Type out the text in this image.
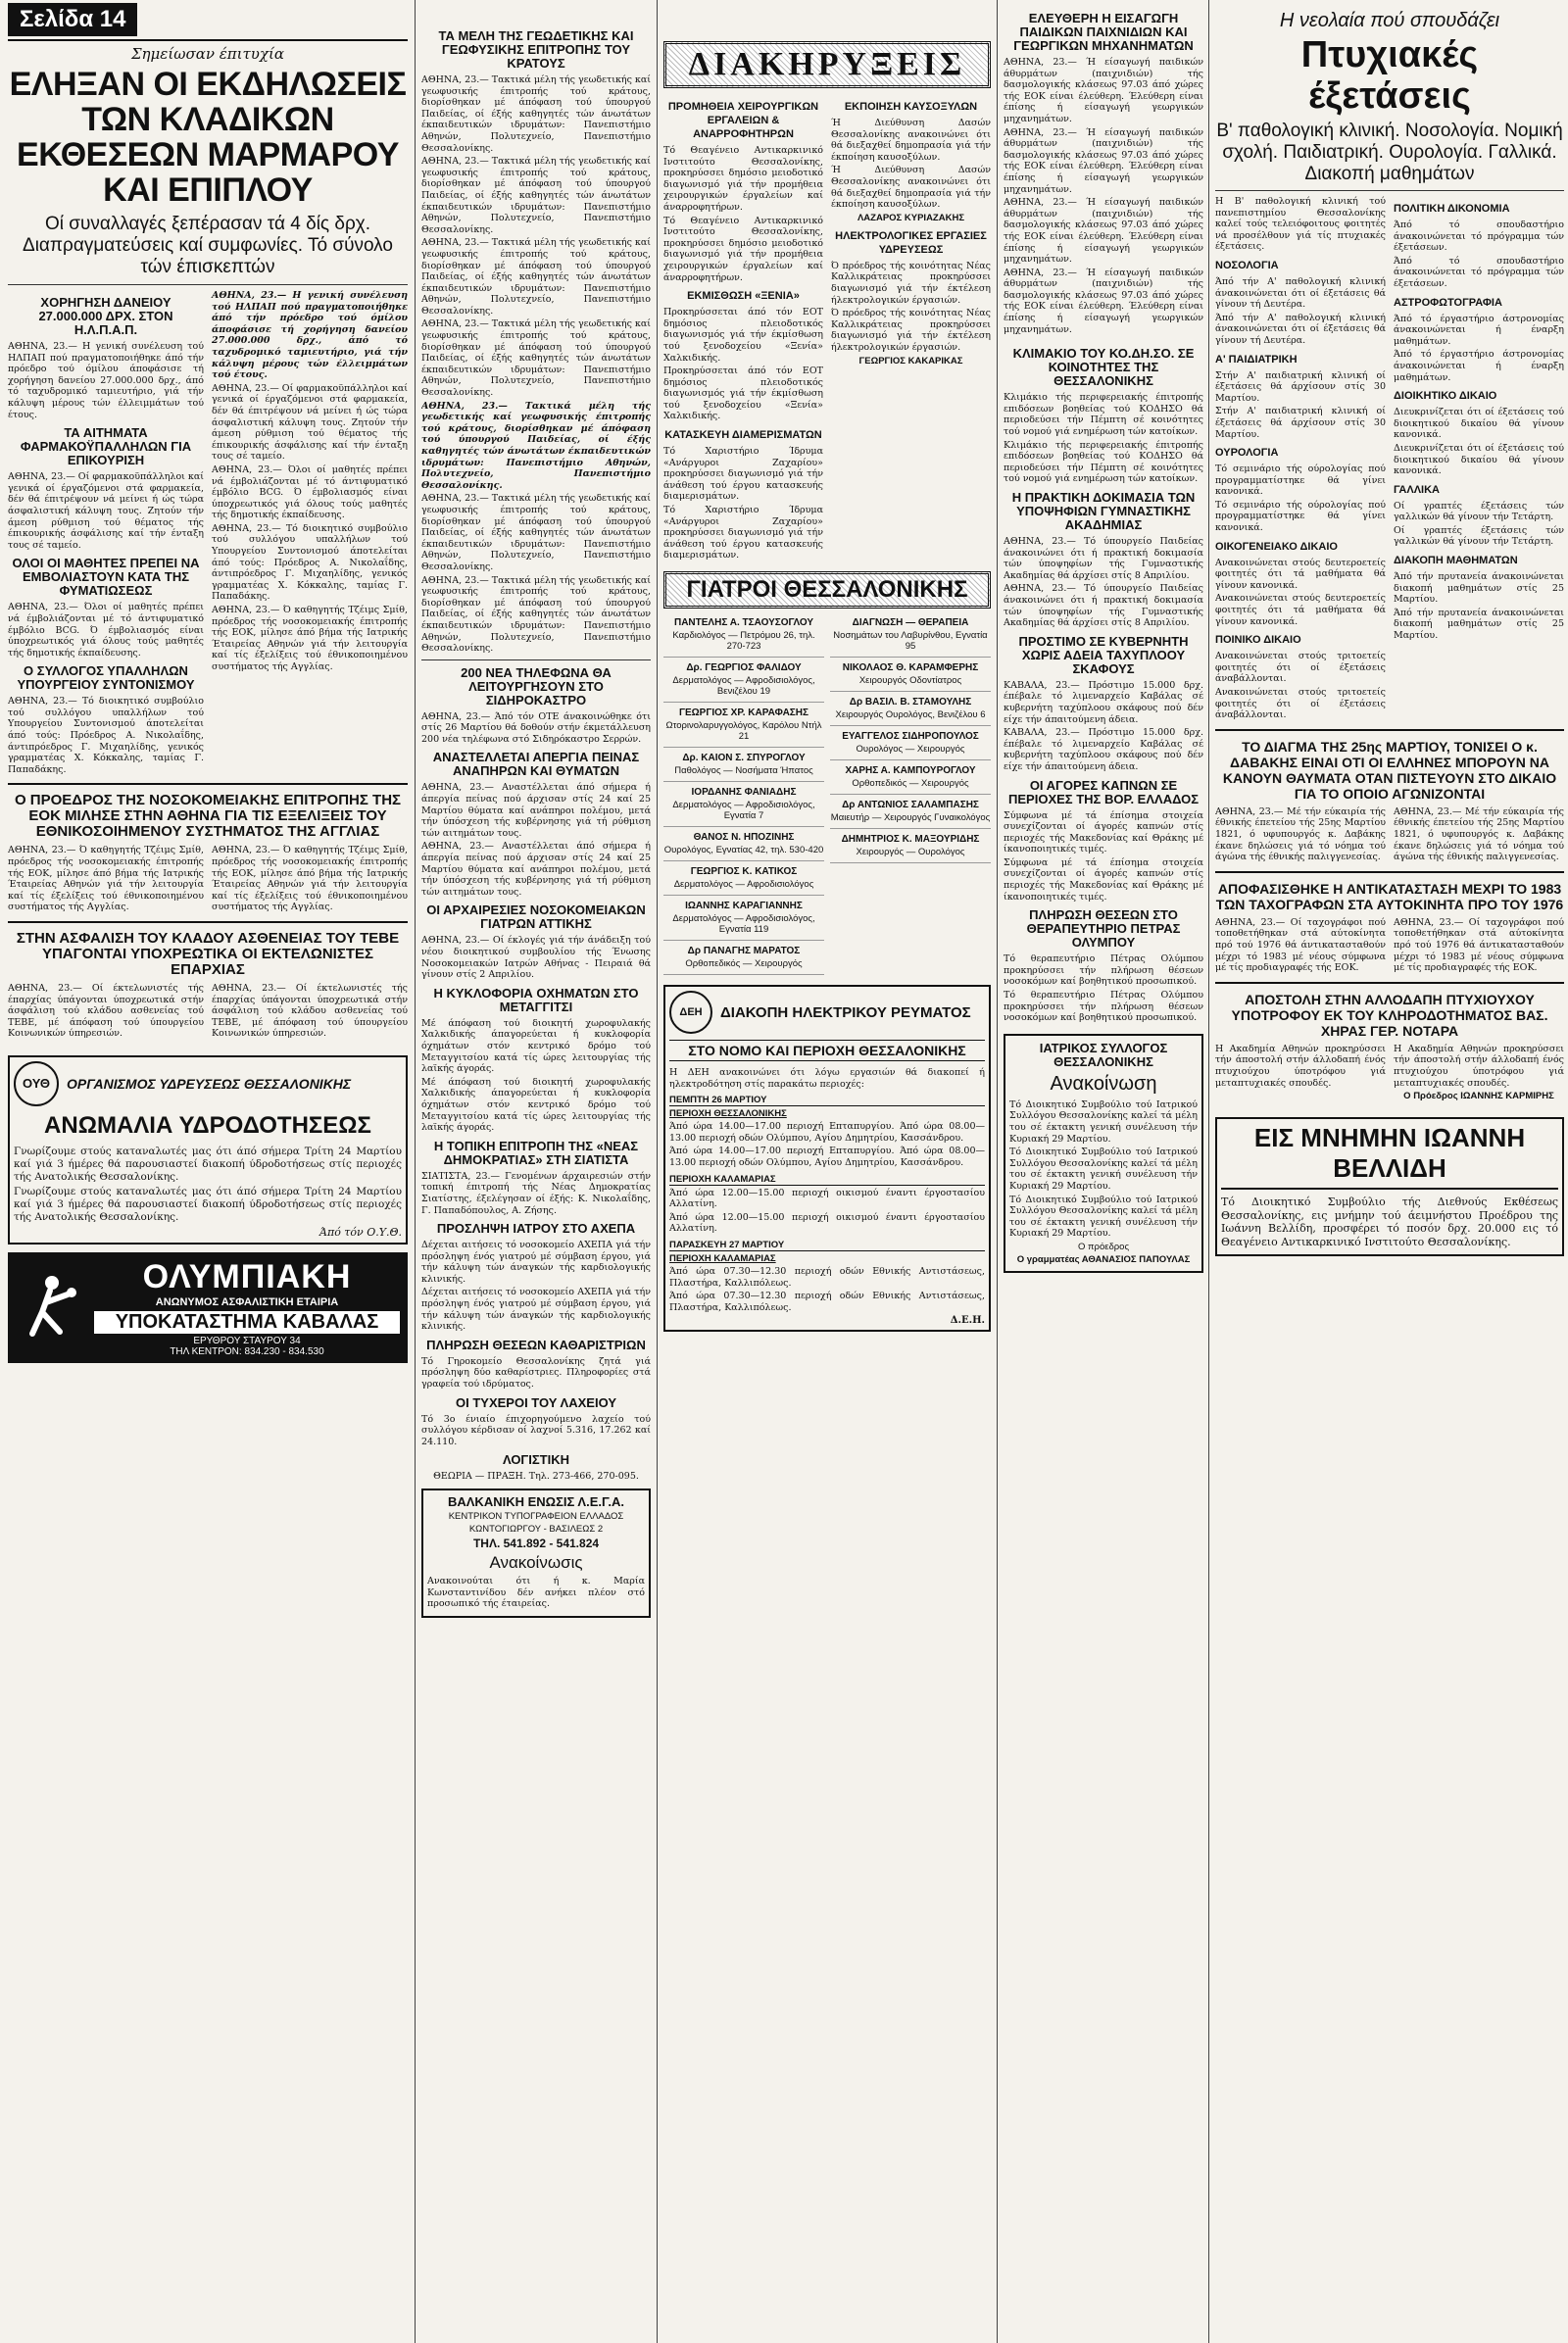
Σελίδα 14
Σημείωσαν έπιτυχία
ΕΛΗΞΑΝ ΟΙ ΕΚΔΗΛΩΣΕΙΣ ΤΩΝ ΚΛΑΔΙΚΩΝ ΕΚΘΕΣΕΩΝ ΜΑΡΜΑΡΟΥ ΚΑΙ ΕΠΙΠΛΟΥ
Οί συναλλαγές ξεπέρασαν τά 4 δίς δρχ. Διαπραγματεύσεις καί συμφωνίες. Τό σύνολο τών έπισκεπτών
ΧΟΡΗΓΗΣΗ ΔΑΝΕΙΟΥ 27.000.000 ΔΡΧ. ΣΤΟΝ Η.Λ.Π.Α.Π.

ΑΘΗΝΑ, 23.— Η γενική συνέλευση τού ΗΛΠΑΠ πού πραγματοποιήθηκε άπό τήν πρόεδρο τού όμίλου άποφάσισε τή χορήγηση δανείου 27.000.000 δρχ., άπό τό ταχυδρομικό ταμιευτήριο, γιά τήν κάλυψη μέρους τών έλλειμμάτων τού έτους.

ΤΑ ΑΙΤΗΜΑΤΑ ΦΑΡΜΑΚΟΫΠΑΛΛΗΛΩΝ ΓΙΑ ΕΠΙΚΟΥΡΙΣΗ

ΑΘΗΝΑ, 23.— Οί φαρμακοϋπάλληλοι καί γενικά οί έργαζόμενοι στά φαρμακεία, δέν θά έπιτρέψουν νά μείνει ή ώς τώρα άσφαλιστική κάλυψη τους. Ζητούν τήν άμεση ρύθμιση τού θέματος τής έπικουρικής άσφάλισης καί τήν ένταξη τους σέ ταμείο.

ΟΛΟΙ ΟΙ ΜΑΘΗΤΕΣ ΠΡΕΠΕΙ ΝΑ ΕΜΒΟΛΙΑΣΤΟΥΝ ΚΑΤΑ ΤΗΣ ΦΥΜΑΤΙΩΣΕΩΣ

ΑΘΗΝΑ, 23.— Όλοι οί μαθητές πρέπει νά έμβολιάζονται μέ τό άντιφυματικό έμβόλιο BCG. Ό έμβολιασμός είναι ύποχρεωτικός γιά όλους τούς μαθητές τής δημοτικής έκπαίδευσης.

Ο ΣΥΛΛΟΓΟΣ ΥΠΑΛΛΗΛΩΝ ΥΠΟΥΡΓΕΙΟΥ ΣΥΝΤΟΝΙΣΜΟΥ

ΑΘΗΝΑ, 23.— Τό διοικητικό συμβούλιο τού συλλόγου υπαλλήλων τού Υπουργείου Συντονισμού άποτελείται άπό τούς: Πρόεδρος Α. Νικολαΐδης, άντιπρόεδρος Γ. Μιχαηλίδης, γενικός γραμματέας Χ. Κόκκαλης, ταμίας Γ. Παπαδάκης.

ΑΘΗΝΑ, 23.— Η γενική συνέλευση τού ΗΛΠΑΠ πού πραγματοποιήθηκε άπό τήν πρόεδρο τού όμίλου άποφάσισε τή χορήγηση δανείου 27.000.000 δρχ., άπό τό ταχυδρομικό ταμιευτήριο, γιά τήν κάλυψη μέρους τών έλλειμμάτων τού έτους.

ΑΘΗΝΑ, 23.— Οί φαρμακοϋπάλληλοι καί γενικά οί έργαζόμενοι στά φαρμακεία, δέν θά έπιτρέψουν νά μείνει ή ώς τώρα άσφαλιστική κάλυψη τους. Ζητούν τήν άμεση ρύθμιση τού θέματος τής έπικουρικής άσφάλισης καί τήν ένταξη τους σέ ταμείο.

ΑΘΗΝΑ, 23.— Όλοι οί μαθητές πρέπει νά έμβολιάζονται μέ τό άντιφυματικό έμβόλιο BCG. Ό έμβολιασμός είναι ύποχρεωτικός γιά όλους τούς μαθητές τής δημοτικής έκπαίδευσης.

ΑΘΗΝΑ, 23.— Τό διοικητικό συμβούλιο τού συλλόγου υπαλλήλων τού Υπουργείου Συντονισμού άποτελείται άπό τούς: Πρόεδρος Α. Νικολαΐδης, άντιπρόεδρος Γ. Μιχαηλίδης, γενικός γραμματέας Χ. Κόκκαλης, ταμίας Γ. Παπαδάκης.

ΑΘΗΝΑ, 23.— Ό καθηγητής Τζέιμς Σμίθ, πρόεδρος τής νοσοκομειακής έπιτροπής τής ΕΟΚ, μίλησε άπό βήμα τής Ιατρικής Έταιρείας Αθηνών γιά τήν λειτουργία καί τίς έξελίξεις τού έθνικοποιημένου συστήματος τής Αγγλίας.

Ο ΠΡΟΕΔΡΟΣ ΤΗΣ ΝΟΣΟΚΟΜΕΙΑΚΗΣ ΕΠΙΤΡΟΠΗΣ ΤΗΣ ΕΟΚ ΜΙΛΗΣΕ ΣΤΗΝ ΑΘΗΝΑ ΓΙΑ ΤΙΣ ΕΞΕΛΙΞΕΙΣ ΤΟΥ ΕΘΝΙΚΟΣΟΙΗΜΕΝΟΥ ΣΥΣΤΗΜΑΤΟΣ ΤΗΣ ΑΓΓΛΙΑΣ

ΑΘΗΝΑ, 23.— Ό καθηγητής Τζέιμς Σμίθ, πρόεδρος τής νοσοκομειακής έπιτροπής τής ΕΟΚ, μίλησε άπό βήμα τής Ιατρικής Έταιρείας Αθηνών γιά τήν λειτουργία καί τίς έξελίξεις τού έθνικοποιημένου συστήματος τής Αγγλίας.

ΑΘΗΝΑ, 23.— Ό καθηγητής Τζέιμς Σμίθ, πρόεδρος τής νοσοκομειακής έπιτροπής τής ΕΟΚ, μίλησε άπό βήμα τής Ιατρικής Έταιρείας Αθηνών γιά τήν λειτουργία καί τίς έξελίξεις τού έθνικοποιημένου συστήματος τής Αγγλίας.

ΣΤΗΝ ΑΣΦΑΛΙΣΗ ΤΟΥ ΚΛΑΔΟΥ ΑΣΘΕΝΕΙΑΣ ΤΟΥ ΤΕΒΕ ΥΠΑΓΟΝΤΑΙ ΥΠΟΧΡΕΩΤΙΚΑ ΟΙ ΕΚΤΕΛΩΝΙΣΤΕΣ ΕΠΑΡΧΙΑΣ

ΑΘΗΝΑ, 23.— Οί έκτελωνιστές τής έπαρχίας ύπάγονται ύποχρεωτικά στήν άσφάλιση τού κλάδου ασθενείας τού ΤΕΒΕ, μέ άπόφαση τού ύπουργείου Κοινωνικών ύπηρεσιών.

ΑΘΗΝΑ, 23.— Οί έκτελωνιστές τής έπαρχίας ύπάγονται ύποχρεωτικά στήν άσφάλιση τού κλάδου ασθενείας τού ΤΕΒΕ, μέ άπόφαση τού ύπουργείου Κοινωνικών ύπηρεσιών.

ΟΥΘ	ΟΡΓΑΝΙΣΜΟΣ ΥΔΡΕΥΣΕΩΣ ΘΕΣΣΑΛΟΝΙΚΗΣ
ΑΝΩΜΑΛΙΑ ΥΔΡΟΔΟΤΗΣΕΩΣ

Γνωρίζουμε στούς καταναλωτές μας ότι άπό σήμερα Τρίτη 24 Μαρτίου καί γιά 3 ήμέρες θά παρουσιαστεί διακοπή ύδροδοτήσεως στίς περιοχές τής Ανατολικής Θεσσαλονίκης.

Γνωρίζουμε στούς καταναλωτές μας ότι άπό σήμερα Τρίτη 24 Μαρτίου καί γιά 3 ήμέρες θά παρουσιαστεί διακοπή ύδροδοτήσεως στίς περιοχές τής Ανατολικής Θεσσαλονίκης.

Άπό τόν Ο.Υ.Θ.
ΟΛΥΜΠΙΑΚΗ
ΑΝΩΝΥΜΟΣ ΑΣΦΑΛΙΣΤΙΚΗ ΕΤΑΙΡΙΑ
ΥΠΟΚΑΤΑΣΤΗΜΑ ΚΑΒΑΛΑΣ
ΕΡΥΘΡΟΥ ΣΤΑΥΡΟΥ 34
ΤΗΛ ΚΕΝΤΡΟΝ: 834.230 - 834.530
ΤΑ ΜΕΛΗ ΤΗΣ ΓΕΩΔΕΤΙΚΗΣ ΚΑΙ ΓΕΩΦΥΣΙΚΗΣ ΕΠΙΤΡΟΠΗΣ ΤΟΥ ΚΡΑΤΟΥΣ

ΑΘΗΝΑ, 23.— Τακτικά μέλη τής γεωδετικής καί γεωφυσικής έπιτροπής τού κράτους, διορίσθηκαν μέ άπόφαση τού ύπουργού Παιδείας, οί έξής καθηγητές τών άνωτάτων έκπαιδευτικών ιδρυμάτων: Πανεπιστήμιο Αθηνών, Πολυτεχνείο, Πανεπιστήμιο Θεσσαλονίκης.

ΑΘΗΝΑ, 23.— Τακτικά μέλη τής γεωδετικής καί γεωφυσικής έπιτροπής τού κράτους, διορίσθηκαν μέ άπόφαση τού ύπουργού Παιδείας, οί έξής καθηγητές τών άνωτάτων έκπαιδευτικών ιδρυμάτων: Πανεπιστήμιο Αθηνών, Πολυτεχνείο, Πανεπιστήμιο Θεσσαλονίκης.

ΑΘΗΝΑ, 23.— Τακτικά μέλη τής γεωδετικής καί γεωφυσικής έπιτροπής τού κράτους, διορίσθηκαν μέ άπόφαση τού ύπουργού Παιδείας, οί έξής καθηγητές τών άνωτάτων έκπαιδευτικών ιδρυμάτων: Πανεπιστήμιο Αθηνών, Πολυτεχνείο, Πανεπιστήμιο Θεσσαλονίκης.

ΑΘΗΝΑ, 23.— Τακτικά μέλη τής γεωδετικής καί γεωφυσικής έπιτροπής τού κράτους, διορίσθηκαν μέ άπόφαση τού ύπουργού Παιδείας, οί έξής καθηγητές τών άνωτάτων έκπαιδευτικών ιδρυμάτων: Πανεπιστήμιο Αθηνών, Πολυτεχνείο, Πανεπιστήμιο Θεσσαλονίκης.

ΑΘΗΝΑ, 23.— Τακτικά μέλη τής γεωδετικής καί γεωφυσικής έπιτροπής τού κράτους, διορίσθηκαν μέ άπόφαση τού ύπουργού Παιδείας, οί έξής καθηγητές τών άνωτάτων έκπαιδευτικών ιδρυμάτων: Πανεπιστήμιο Αθηνών, Πολυτεχνείο, Πανεπιστήμιο Θεσσαλονίκης.

ΑΘΗΝΑ, 23.— Τακτικά μέλη τής γεωδετικής καί γεωφυσικής έπιτροπής τού κράτους, διορίσθηκαν μέ άπόφαση τού ύπουργού Παιδείας, οί έξής καθηγητές τών άνωτάτων έκπαιδευτικών ιδρυμάτων: Πανεπιστήμιο Αθηνών, Πολυτεχνείο, Πανεπιστήμιο Θεσσαλονίκης.

ΑΘΗΝΑ, 23.— Τακτικά μέλη τής γεωδετικής καί γεωφυσικής έπιτροπής τού κράτους, διορίσθηκαν μέ άπόφαση τού ύπουργού Παιδείας, οί έξής καθηγητές τών άνωτάτων έκπαιδευτικών ιδρυμάτων: Πανεπιστήμιο Αθηνών, Πολυτεχνείο, Πανεπιστήμιο Θεσσαλονίκης.

200 ΝΕΑ ΤΗΛΕΦΩΝΑ ΘΑ ΛΕΙΤΟΥΡΓΗΣΟΥΝ ΣΤΟ ΣΙΔΗΡΟΚΑΣΤΡΟ

ΑΘΗΝΑ, 23.— Άπό τόν ΟΤΕ άνακοινώθηκε ότι στίς 26 Μαρτίου θά δοθούν στήν έκμετάλλευση 200 νέα τηλέφωνα στό Σιδηρόκαστρο Σερρών.

ΑΝΑΣΤΕΛΛΕΤΑΙ ΑΠΕΡΓΙΑ ΠΕΙΝΑΣ ΑΝΑΠΗΡΩΝ ΚΑΙ ΘΥΜΑΤΩΝ

ΑΘΗΝΑ, 23.— Αναστέλλεται άπό σήμερα ή άπεργία πείνας πού άρχισαν στίς 24 καί 25 Μαρτίου θύματα καί ανάπηροι πολέμου, μετά τήν ύπόσχεση τής κυβέρνησης γιά τή ρύθμιση τών αιτημάτων τους.

ΑΘΗΝΑ, 23.— Αναστέλλεται άπό σήμερα ή άπεργία πείνας πού άρχισαν στίς 24 καί 25 Μαρτίου θύματα καί ανάπηροι πολέμου, μετά τήν ύπόσχεση τής κυβέρνησης γιά τή ρύθμιση τών αιτημάτων τους.

ΟΙ ΑΡΧΑΙΡΕΣΙΕΣ ΝΟΣΟΚΟΜΕΙΑΚΩΝ ΓΙΑΤΡΩΝ ΑΤΤΙΚΗΣ

ΑΘΗΝΑ, 23.— Οί έκλογές γιά τήν άνάδειξη τού νέου διοικητικού συμβουλίου τής Ένωσης Νοσοκομειακών Ιατρών Αθήνας - Πειραιά θά γίνουν στίς 2 Απριλίου.

Η ΚΥΚΛΟΦΟΡΙΑ ΟΧΗΜΑΤΩΝ ΣΤΟ ΜΕΤΑΓΓΙΤΣΙ

Μέ άπόφαση τού διοικητή χωροφυλακής Χαλκιδικής άπαγορεύεται ή κυκλοφορία όχημάτων στόν κεντρικό δρόμο τού Μεταγγιτσίου κατά τίς ώρες λειτουργίας τής λαϊκής άγοράς.

Μέ άπόφαση τού διοικητή χωροφυλακής Χαλκιδικής άπαγορεύεται ή κυκλοφορία όχημάτων στόν κεντρικό δρόμο τού Μεταγγιτσίου κατά τίς ώρες λειτουργίας τής λαϊκής άγοράς.

Η ΤΟΠΙΚΗ ΕΠΙΤΡΟΠΗ ΤΗΣ «ΝΕΑΣ ΔΗΜΟΚΡΑΤΙΑΣ» ΣΤΗ ΣΙΑΤΙΣΤΑ

ΣΙΑΤΙΣΤΑ, 23.— Γενομένων άρχαιρεσιών στήν τοπική έπιτροπή τής Νέας Δημοκρατίας Σιατίστης, έξελέγησαν οί έξής: Κ. Νικολαΐδης, Γ. Παπαδόπουλος, Α. Ζήσης.

ΠΡΟΣΛΗΨΗ ΙΑΤΡΟΥ ΣΤΟ ΑΧΕΠΑ

Δέχεται αιτήσεις τό νοσοκομείο ΑΧΕΠΑ γιά τήν πρόσληψη ένός γιατρού μέ σύμβαση έργου, γιά τήν κάλυψη τών άναγκών τής καρδιολογικής κλινικής.

Δέχεται αιτήσεις τό νοσοκομείο ΑΧΕΠΑ γιά τήν πρόσληψη ένός γιατρού μέ σύμβαση έργου, γιά τήν κάλυψη τών άναγκών τής καρδιολογικής κλινικής.

ΠΛΗΡΩΣΗ ΘΕΣΕΩΝ ΚΑΘΑΡΙΣΤΡΙΩΝ

Τό Γηροκομείο Θεσσαλονίκης ζητά γιά πρόσληψη δύο καθαρίστριες. Πληροφορίες στά γραφεία τού ιδρύματος.

ΟΙ ΤΥΧΕΡΟΙ ΤΟΥ ΛΑΧΕΙΟΥ

Τό 3ο ένιαίο έπιχορηγούμενο λαχείο τού συλλόγου κέρδισαν οί λαχνοί 5.316, 17.262 καί 24.110.

ΛΟΓΙΣΤΙΚΗ

ΘΕΩΡΙΑ — ΠΡΑΞΗ. Τηλ. 273-466, 270-095.

ΒΑΛΚΑΝΙΚΗ ΕΝΩΣΙΣ Λ.Ε.Γ.Α.
ΚΕΝΤΡΙΚΟΝ ΤΥΠΟΓΡΑΦΕΙΟΝ ΕΛΛΑΔΟΣ
ΚΩΝΤΟΓΙΩΡΓΟΥ - ΒΑΣΙΛΕΩΣ 2
ΤΗΛ. 541.892 - 541.824
Ανακοίνωσις

Ανακοινούται ότι ή κ. Μαρία Κωνσταντινίδου δέν ανήκει πλέον στό προσωπικό τής έταιρείας.

ΔΙΑΚΗΡΥΞΕΙΣ
ΠΡΟΜΗΘΕΙΑ ΧΕΙΡΟΥΡΓΙΚΩΝ ΕΡΓΑΛΕΙΩΝ & ΑΝΑΡΡΟΦΗΤΗΡΩΝ

Τό Θεαγένειο Αντικαρκινικό Ινστιτούτο Θεσσαλονίκης, προκηρύσσει δημόσιο μειοδοτικό διαγωνισμό γιά τήν προμήθεια χειρουργικών έργαλείων καί άναρροφητήρων.

Τό Θεαγένειο Αντικαρκινικό Ινστιτούτο Θεσσαλονίκης, προκηρύσσει δημόσιο μειοδοτικό διαγωνισμό γιά τήν προμήθεια χειρουργικών έργαλείων καί άναρροφητήρων.

ΕΚΜΙΣΘΩΣΗ «ΞΕΝΙΑ»

Προκηρύσσεται άπό τόν ΕΟΤ δημόσιος πλειοδοτικός διαγωνισμός γιά τήν έκμίσθωση τού ξενοδοχείου «Ξενία» Χαλκιδικής.

Προκηρύσσεται άπό τόν ΕΟΤ δημόσιος πλειοδοτικός διαγωνισμός γιά τήν έκμίσθωση τού ξενοδοχείου «Ξενία» Χαλκιδικής.

ΚΑΤΑΣΚΕΥΗ ΔΙΑΜΕΡΙΣΜΑΤΩΝ

Τό Χαριστήριο Ίδρυμα «Ανάργυροι Ζαχαρίου» προκηρύσσει διαγωνισμό γιά τήν άνάθεση τού έργου κατασκευής διαμερισμάτων.

Τό Χαριστήριο Ίδρυμα «Ανάργυροι Ζαχαρίου» προκηρύσσει διαγωνισμό γιά τήν άνάθεση τού έργου κατασκευής διαμερισμάτων.

ΕΚΠΟΙΗΣΗ ΚΑΥΣΟΞΥΛΩΝ

Ή Διεύθυνση Δασών Θεσσαλονίκης ανακοινώνει ότι θά διεξαχθεί δημοπρασία γιά τήν έκποίηση καυσοξύλων.

Ή Διεύθυνση Δασών Θεσσαλονίκης ανακοινώνει ότι θά διεξαχθεί δημοπρασία γιά τήν έκποίηση καυσοξύλων.

ΛΑΖΑΡΟΣ ΚΥΡΙΑΖΑΚΗΣ
ΗΛΕΚΤΡΟΛΟΓΙΚΕΣ ΕΡΓΑΣΙΕΣ ΥΔΡΕΥΣΕΩΣ

Ό πρόεδρος τής κοινότητας Νέας Καλλικράτειας προκηρύσσει διαγωνισμό γιά τήν έκτέλεση ήλεκτρολογικών έργασιών.

Ό πρόεδρος τής κοινότητας Νέας Καλλικράτειας προκηρύσσει διαγωνισμό γιά τήν έκτέλεση ήλεκτρολογικών έργασιών.

ΓΕΩΡΓΙΟΣ ΚΑΚΑΡΙΚΑΣ
ΓΙΑΤΡΟΙ ΘΕΣΣΑΛΟΝΙΚΗΣ
ΠΑΝΤΕΛΗΣ Α. ΤΣΑΟΥΣΟΓΛΟΥ
Καρδιολόγος — Πετρόμου 26, τηλ. 270-723
Δρ. ΓΕΩΡΓΙΟΣ ΦΑΛΙΔΟΥ
Δερματολόγος — Αφροδισιολόγος, Βενιζέλου 19
ΓΕΩΡΓΙΟΣ ΧΡ. ΚΑΡΑΦΑΣΗΣ
Ωτορινολαρυγγολόγος, Καρόλου Ντήλ 21
Δρ. ΚΑΙΟΝ Σ. ΣΠΥΡΟΓΛΟΥ
Παθολόγος — Νοσήματα Ήπατος
ΙΟΡΔΑΝΗΣ ΦΑΝΙΑΔΗΣ
Δερματολόγος — Αφροδισιολόγος, Εγνατία 7
ΘΑΝΟΣ Ν. ΗΠΟΖΙΝΗΣ
Ουρολόγος, Εγνατίας 42, τηλ. 530-420
ΓΕΩΡΓΙΟΣ Κ. ΚΑΤΙΚΟΣ
Δερματολόγος — Αφροδισιολόγος
ΙΩΑΝΝΗΣ ΚΑΡΑΓΙΑΝΝΗΣ
Δερματολόγος — Αφροδισιολόγος, Εγνατία 119
Δρ ΠΑΝΑΓΗΣ ΜΑΡΑΤΟΣ
Ορθοπεδικός — Χειρουργός
ΔΙΑΓΝΩΣΗ — ΘΕΡΑΠΕΙΑ
Νοσημάτων του Λαβυρίνθου, Εγνατία 95
ΝΙΚΟΛΑΟΣ Θ. ΚΑΡΑΜΦΕΡΗΣ
Χειρουργός Οδοντίατρος
Δρ ΒΑΣΙΛ. Β. ΣΤΑΜΟΥΛΗΣ
Χειρουργός Ουρολόγος, Βενιζέλου 6
ΕΥΑΓΓΕΛΟΣ ΣΙΔΗΡΟΠΟΥΛΟΣ
Ουρολόγος — Χειρουργός
ΧΑΡΗΣ Α. ΚΑΜΠΟΥΡΟΓΛΟΥ
Ορθοπεδικός — Χειρουργός
Δρ ΑΝΤΩΝΙΟΣ ΣΑΛΑΜΠΑΣΗΣ
Μαιευτήρ — Χειρουργός Γυναικολόγος
ΔΗΜΗΤΡΙΟΣ Κ. ΜΑΞΟΥΡΙΔΗΣ
Χειρουργός — Ουρολόγος
ΔΕΗ	ΔΙΑΚΟΠΗ ΗΛΕΚΤΡΙΚΟΥ ΡΕΥΜΑΤΟΣ
ΣΤΟ ΝΟΜΟ ΚΑΙ ΠΕΡΙΟΧΗ ΘΕΣΣΑΛΟΝΙΚΗΣ

Η ΔΕΗ ανακοινώνει ότι λόγω εργασιών θά διακοπεί ή ηλεκτροδότηση στίς παρακάτω περιοχές:

ΠΕΜΠΤΗ 26 ΜΑΡΤΙΟΥ
ΠΕΡΙΟΧΗ ΘΕΣΣΑΛΟΝΙΚΗΣ

Άπό ώρα 14.00—17.00 περιοχή Επταπυργίου. Άπό ώρα 08.00—13.00 περιοχή οδών Ολύμπου, Αγίου Δημητρίου, Κασσάνδρου.

Άπό ώρα 14.00—17.00 περιοχή Επταπυργίου. Άπό ώρα 08.00—13.00 περιοχή οδών Ολύμπου, Αγίου Δημητρίου, Κασσάνδρου.

ΠΕΡΙΟΧΗ ΚΑΛΑΜΑΡΙΑΣ

Άπό ώρα 12.00—15.00 περιοχή οικισμού έναντι έργοστασίου Αλλατίνη.

Άπό ώρα 12.00—15.00 περιοχή οικισμού έναντι έργοστασίου Αλλατίνη.

ΠΑΡΑΣΚΕΥΗ 27 ΜΑΡΤΙΟΥ
ΠΕΡΙΟΧΗ ΚΑΛΑΜΑΡΙΑΣ

Άπό ώρα 07.30—12.30 περιοχή οδών Εθνικής Αντιστάσεως, Πλαστήρα, Καλλιπόλεως.

Άπό ώρα 07.30—12.30 περιοχή οδών Εθνικής Αντιστάσεως, Πλαστήρα, Καλλιπόλεως.

Δ.Ε.Η.
ΕΛΕΥΘΕΡΗ Η ΕΙΣΑΓΩΓΗ ΠΑΙΔΙΚΩΝ ΠΑΙΧΝΙΔΙΩΝ ΚΑΙ ΓΕΩΡΓΙΚΩΝ ΜΗΧΑΝΗΜΑΤΩΝ

ΑΘΗΝΑ, 23.— Ή είσαγωγή παιδικών άθυρμάτων (παιχνιδιών) τής δασμολογικής κλάσεως 97.03 άπό χώρες τής ΕΟΚ είναι έλεύθερη. Έλεύθερη είναι έπίσης ή είσαγωγή γεωργικών μηχανημάτων.

ΑΘΗΝΑ, 23.— Ή είσαγωγή παιδικών άθυρμάτων (παιχνιδιών) τής δασμολογικής κλάσεως 97.03 άπό χώρες τής ΕΟΚ είναι έλεύθερη. Έλεύθερη είναι έπίσης ή είσαγωγή γεωργικών μηχανημάτων.

ΑΘΗΝΑ, 23.— Ή είσαγωγή παιδικών άθυρμάτων (παιχνιδιών) τής δασμολογικής κλάσεως 97.03 άπό χώρες τής ΕΟΚ είναι έλεύθερη. Έλεύθερη είναι έπίσης ή είσαγωγή γεωργικών μηχανημάτων.

ΑΘΗΝΑ, 23.— Ή είσαγωγή παιδικών άθυρμάτων (παιχνιδιών) τής δασμολογικής κλάσεως 97.03 άπό χώρες τής ΕΟΚ είναι έλεύθερη. Έλεύθερη είναι έπίσης ή είσαγωγή γεωργικών μηχανημάτων.

ΚΛΙΜΑΚΙΟ ΤΟΥ ΚΟ.ΔΗ.ΣΟ. ΣΕ ΚΟΙΝΟΤΗΤΕΣ ΤΗΣ ΘΕΣΣΑΛΟΝΙΚΗΣ

Κλιμάκιο τής περιφερειακής έπιτροπής επιδόσεων βοηθείας τού ΚΟΔΗΣΟ θά περιοδεύσει τήν Πέμπτη σέ κοινότητες τού νομού γιά ενημέρωση τών κατοίκων.

Κλιμάκιο τής περιφερειακής έπιτροπής επιδόσεων βοηθείας τού ΚΟΔΗΣΟ θά περιοδεύσει τήν Πέμπτη σέ κοινότητες τού νομού γιά ενημέρωση τών κατοίκων.

Η ΠΡΑΚΤΙΚΗ ΔΟΚΙΜΑΣΙΑ ΤΩΝ ΥΠΟΨΗΦΙΩΝ ΓΥΜΝΑΣΤΙΚΗΣ ΑΚΑΔΗΜΙΑΣ

ΑΘΗΝΑ, 23.— Τό ύπουργείο Παιδείας άνακοινώνει ότι ή πρακτική δοκιμασία τών ύποψηφίων τής Γυμναστικής Ακαδημίας θά άρχίσει στίς 8 Απριλίου.

ΑΘΗΝΑ, 23.— Τό ύπουργείο Παιδείας άνακοινώνει ότι ή πρακτική δοκιμασία τών ύποψηφίων τής Γυμναστικής Ακαδημίας θά άρχίσει στίς 8 Απριλίου.

ΠΡΟΣΤΙΜΟ ΣΕ ΚΥΒΕΡΝΗΤΗ ΧΩΡΙΣ ΑΔΕΙΑ ΤΑΧΥΠΛΟΟΥ ΣΚΑΦΟΥΣ

ΚΑΒΑΛΑ, 23.— Πρόστιμο 15.000 δρχ. έπέβαλε τό λιμεναρχείο Καβάλας σέ κυβερνήτη ταχύπλοου σκάφους πού δέν είχε τήν άπαιτούμενη άδεια.

ΚΑΒΑΛΑ, 23.— Πρόστιμο 15.000 δρχ. έπέβαλε τό λιμεναρχείο Καβάλας σέ κυβερνήτη ταχύπλοου σκάφους πού δέν είχε τήν άπαιτούμενη άδεια.

ΟΙ ΑΓΟΡΕΣ ΚΑΠΝΩΝ ΣΕ ΠΕΡΙΟΧΕΣ ΤΗΣ ΒΟΡ. ΕΛΛΑΔΟΣ

Σύμφωνα μέ τά έπίσημα στοιχεία συνεχίζονται οί άγορές καπνών στίς περιοχές τής Μακεδονίας καί Θράκης μέ ίκανοποιητικές τιμές.

Σύμφωνα μέ τά έπίσημα στοιχεία συνεχίζονται οί άγορές καπνών στίς περιοχές τής Μακεδονίας καί Θράκης μέ ίκανοποιητικές τιμές.

ΠΛΗΡΩΣΗ ΘΕΣΕΩΝ ΣΤΟ ΘΕΡΑΠΕΥΤΗΡΙΟ ΠΕΤΡΑΣ ΟΛΥΜΠΟΥ

Τό θεραπευτήριο Πέτρας Ολύμπου προκηρύσσει τήν πλήρωση θέσεων νοσοκόμων καί βοηθητικού προσωπικού.

Τό θεραπευτήριο Πέτρας Ολύμπου προκηρύσσει τήν πλήρωση θέσεων νοσοκόμων καί βοηθητικού προσωπικού.

ΙΑΤΡΙΚΟΣ ΣΥΛΛΟΓΟΣ ΘΕΣΣΑΛΟΝΙΚΗΣ
Ανακοίνωση

Τό Διοικητικό Συμβούλιο τού Ιατρικού Συλλόγου Θεσσαλονίκης καλεί τά μέλη του σέ έκτακτη γενική συνέλευση τήν Κυριακή 29 Μαρτίου.

Τό Διοικητικό Συμβούλιο τού Ιατρικού Συλλόγου Θεσσαλονίκης καλεί τά μέλη του σέ έκτακτη γενική συνέλευση τήν Κυριακή 29 Μαρτίου.

Τό Διοικητικό Συμβούλιο τού Ιατρικού Συλλόγου Θεσσαλονίκης καλεί τά μέλη του σέ έκτακτη γενική συνέλευση τήν Κυριακή 29 Μαρτίου.

Ο πρόεδρος
Ο γραμματέας ΑΘΑΝΑΣΙΟΣ ΠΑΠΟΥΛΑΣ
Η νεολαία πού σπουδάζει
Πτυχιακές έξετάσεις
Β' παθολογική κλινική. Νοσολογία. Νομική σχολή. Παιδιατρική. Ουρολογία. Γαλλικά. Διακοπή μαθημάτων

Η Β' παθολογική κλινική τού πανεπιστημίου Θεσσαλονίκης καλεί τούς τελειόφοιτους φοιτητές νά προσέλθουν γιά τίς πτυχιακές έξετάσεις.

ΝΟΣΟΛΟΓΙΑ

Άπό τήν Α' παθολογική κλινική άνακοινώνεται ότι οί έξετάσεις θά γίνουν τή Δευτέρα.

Άπό τήν Α' παθολογική κλινική άνακοινώνεται ότι οί έξετάσεις θά γίνουν τή Δευτέρα.

Α' ΠΑΙΔΙΑΤΡΙΚΗ

Στήν Α' παιδιατρική κλινική οί έξετάσεις θά άρχίσουν στίς 30 Μαρτίου.

Στήν Α' παιδιατρική κλινική οί έξετάσεις θά άρχίσουν στίς 30 Μαρτίου.

ΟΥΡΟΛΟΓΙΑ

Τό σεμινάριο τής ούρολογίας πού προγραμματίστηκε θά γίνει κανονικά.

Τό σεμινάριο τής ούρολογίας πού προγραμματίστηκε θά γίνει κανονικά.

ΟΙΚΟΓΕΝΕΙΑΚΟ ΔΙΚΑΙΟ

Ανακοινώνεται στούς δευτεροετείς φοιτητές ότι τά μαθήματα θά γίνουν κανονικά.

Ανακοινώνεται στούς δευτεροετείς φοιτητές ότι τά μαθήματα θά γίνουν κανονικά.

ΠΟΙΝΙΚΟ ΔΙΚΑΙΟ

Ανακοινώνεται στούς τριτοετείς φοιτητές ότι οί έξετάσεις άναβάλλονται.

Ανακοινώνεται στούς τριτοετείς φοιτητές ότι οί έξετάσεις άναβάλλονται.

ΠΟΛΙΤΙΚΗ ΔΙΚΟΝΟΜΙΑ

Άπό τό σπουδαστήριο άνακοινώνεται τό πρόγραμμα τών έξετάσεων.

Άπό τό σπουδαστήριο άνακοινώνεται τό πρόγραμμα τών έξετάσεων.

ΑΣΤΡΟΦΩΤΟΓΡΑΦΙΑ

Άπό τό έργαστήριο άστρονομίας άνακοινώνεται ή έναρξη μαθημάτων.

Άπό τό έργαστήριο άστρονομίας άνακοινώνεται ή έναρξη μαθημάτων.

ΔΙΟΙΚΗΤΙΚΟ ΔΙΚΑΙΟ

Διευκρινίζεται ότι οί έξετάσεις τού διοικητικού δικαίου θά γίνουν κανονικά.

Διευκρινίζεται ότι οί έξετάσεις τού διοικητικού δικαίου θά γίνουν κανονικά.

ΓΑΛΛΙΚΑ

Οί γραπτές έξετάσεις τών γαλλικών θά γίνουν τήν Τετάρτη.

Οί γραπτές έξετάσεις τών γαλλικών θά γίνουν τήν Τετάρτη.

ΔΙΑΚΟΠΗ ΜΑΘΗΜΑΤΩΝ

Άπό τήν πρυτανεία άνακοινώνεται διακοπή μαθημάτων στίς 25 Μαρτίου.

Άπό τήν πρυτανεία άνακοινώνεται διακοπή μαθημάτων στίς 25 Μαρτίου.

ΤΟ ΔΙΑΓΜΑ ΤΗΣ 25ης ΜΑΡΤΙΟΥ, ΤΟΝΙΣΕΙ Ο κ. ΔΑΒΑΚΗΣ ΕΙΝΑΙ ΟΤΙ ΟΙ ΕΛΛΗΝΕΣ ΜΠΟΡΟΥΝ ΝΑ ΚΑΝΟΥΝ ΘΑΥΜΑΤΑ ΟΤΑΝ ΠΙΣΤΕΥΟΥΝ ΣΤΟ ΔΙΚΑΙΟ ΓΙΑ ΤΟ ΟΠΟΙΟ ΑΓΩΝΙΖΟΝΤΑΙ

ΑΘΗΝΑ, 23.— Μέ τήν εύκαιρία τής έθνικής έπετείου τής 25ης Μαρτίου 1821, ό υφυπουργός κ. Δαβάκης έκανε δηλώσεις γιά τό νόημα τού άγώνα τής έθνικής παλιγγενεσίας.

ΑΘΗΝΑ, 23.— Μέ τήν εύκαιρία τής έθνικής έπετείου τής 25ης Μαρτίου 1821, ό υφυπουργός κ. Δαβάκης έκανε δηλώσεις γιά τό νόημα τού άγώνα τής έθνικής παλιγγενεσίας.

ΑΠΟΦΑΣΙΣΘΗΚΕ Η ΑΝΤΙΚΑΤΑΣΤΑΣΗ ΜΕΧΡΙ ΤΟ 1983 ΤΩΝ ΤΑΧΟΓΡΑΦΩΝ ΣΤΑ ΑΥΤΟΚΙΝΗΤΑ ΠΡΟ ΤΟΥ 1976

ΑΘΗΝΑ, 23.— Οί ταχογράφοι πού τοποθετήθηκαν στά αύτοκίνητα πρό τού 1976 θά άντικατασταθούν μέχρι τό 1983 μέ νέους σύμφωνα μέ τίς προδιαγραφές τής ΕΟΚ.

ΑΘΗΝΑ, 23.— Οί ταχογράφοι πού τοποθετήθηκαν στά αύτοκίνητα πρό τού 1976 θά άντικατασταθούν μέχρι τό 1983 μέ νέους σύμφωνα μέ τίς προδιαγραφές τής ΕΟΚ.

ΑΠΟΣΤΟΛΗ ΣΤΗΝ ΑΛΛΟΔΑΠΗ ΠΤΥΧΙΟΥΧΟΥ ΥΠΟΤΡΟΦΟΥ ΕΚ ΤΟΥ ΚΛΗΡΟΔΟΤΗΜΑΤΟΣ ΒΑΣ. ΧΗΡΑΣ ΓΕΡ. ΝΟΤΑΡΑ

Η Ακαδημία Αθηνών προκηρύσσει τήν άποστολή στήν άλλοδαπή ένός πτυχιούχου ύποτρόφου γιά μεταπτυχιακές σπουδές.

Η Ακαδημία Αθηνών προκηρύσσει τήν άποστολή στήν άλλοδαπή ένός πτυχιούχου ύποτρόφου γιά μεταπτυχιακές σπουδές.

Ο Πρόεδρος ΙΩΑΝΝΗΣ ΚΑΡΜΙΡΗΣ
ΕΙΣ ΜΝΗΜΗΝ ΙΩΑΝΝΗ ΒΕΛΛΙΔΗ

Τό Διοικητικό Συμβούλιο τής Διεθνούς Εκθέσεως Θεσσαλονίκης, εις μνήμην τού άειμνήστου Προέδρου της Ιωάννη Βελλίδη, προσφέρει τό ποσόν δρχ. 20.000 εις τό Θεαγένειο Αντικαρκινικό Ινστιτούτο Θεσσαλονίκης.
